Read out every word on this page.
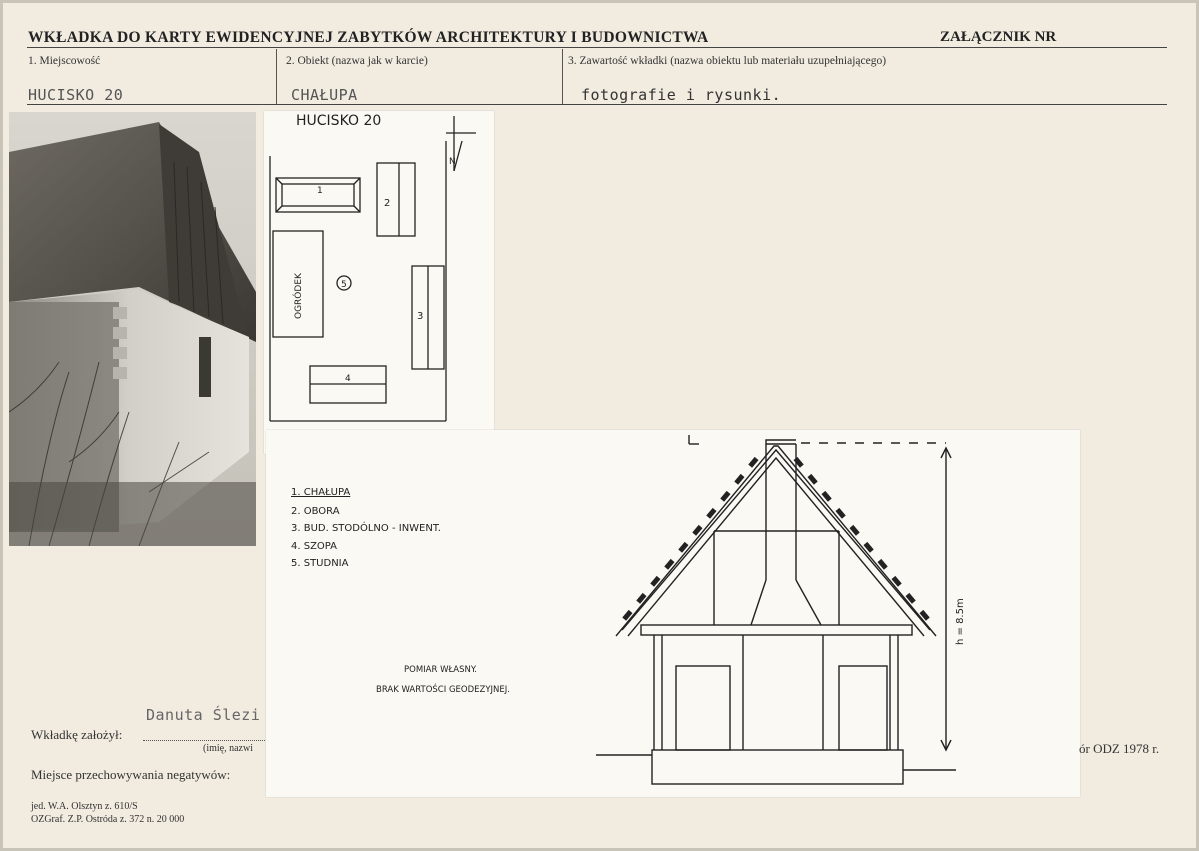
WKŁADKA DO KARTY EWIDENCYJNEJ ZABYTKÓW ARCHITEKTURY I BUDOWNICTWA	ZAŁĄCZNIK NR
1. Miejscowość	2. Obiekt (nazwa jak w karcie)	3. Zawartość wkładki (nazwa obiektu lub materiału uzupełniającego)
HUCISKO 20	CHAŁUPA	fotografie i rysunki.
HUCISKO 20
N
1
2
3
4
5
OGRÓDEK
1. CHAŁUPA
2. OBORA
3. BUD. STODÓLNO - INWENT.
4. SZOPA
5. STUDNIA
POMIAR WŁASNY.
BRAK WARTOŚCI GEODEZYJNEJ.
h = 8.5m
Danuta Ślezi
Wkładkę założył:
(imię, nazwi	ór ODZ 1978 r.
Miejsce przechowywania negatywów:
jed. W.A. Olsztyn z. 610/S
OZGraf. Z.P. Ostróda z. 372 n. 20 000
